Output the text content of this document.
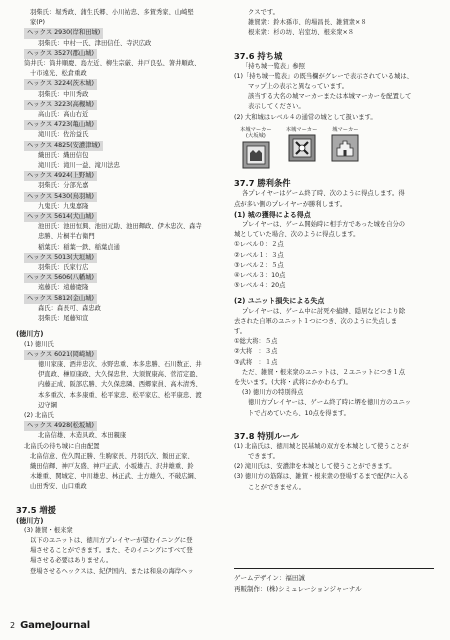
羽柴氏：堀秀政、蒲生氏郷、小川祐忠、多賀秀家、山崎堅
家(P)
ヘックス 2930(岸和田城)
羽柴氏：中村一氏、津田信任、寺沢広政
ヘックス 3527(郡山城)
筒井氏：筒井順慶、島左近、柳生宗厳、井戸良弘、箸井順政、
十市遠光、松倉重政
ヘックス 3224(茨木城)
羽柴氏：中川秀政
ヘックス 3223(高槻城)
高山氏：高山右近
ヘックス 4723(亀山城)
滝川氏：佐治益氏
ヘックス 4825(安濃津城)
織田氏：織田信包
滝川氏：滝川一益、滝川法忠
ヘックス 4924(上野城)
羽柴氏：分部光嘉
ヘックス 5430(鳥羽城)
九鬼氏：九鬼嘉隆
ヘックス 5614(犬山城)
池田氏：池田恒興、池田元助、池田輝政、伊木忠次、森寺
忠勝、片桐半右衛門
稲葉氏：稲葉一鉄、稲葉貞通
ヘックス 5013(大垣城)
羽柴氏：氏家行広
ヘックス 5606(八幡城)
遠藤氏：遠藤慶隆
ヘックス 5812(金山城)
森氏：森長可、森忠政
羽柴氏：尾藤知宣
(徳川方)
(1) 徳川氏
ヘックス 6021(岡崎城)
徳川家康、酒井忠次、水野忠重、本多忠勝、石川数正、井
伊直政、榊原康政、大久保忠世、大須賀康高、菅沼定盈、
内藤正成、阪部広勝、大久保忠隣、西郷家員、高木清秀、
本多重次、本多康重、松平家忠、松平家広、松平康忠、渡
辺守綱
(2) 北畠氏
ヘックス 4928(松坂城)
北畠信雄、木造具政、本田親康
北畠氏の待ち城に自由配置
北畠信意、佐久間正勝、生駒家長、丹羽氏次、飯田正家、
織田信輝、神戸友盛、神戸正武、小坂雄吉、沢井雄重、鈴
木雄重、関城定、中川雄忠、林正武、土方雄久、不破広綱、
山田秀安、山口重政
37.5 増援
(徳川方)
(3) 雑賀・根来衆
以下のユニットは、徳川方プレイヤーが望むイニングに登
場させることができます。また、そのイニングにすべて登
場させる必要はありません。
登場させるヘックスは、紀伊国内、または和泉の海岸ヘッ
クスです。
雑賀衆：鈴木孫市、的場昌長、雑賀衆×８
根来衆：杉の坊、岩室坊、根来衆×８
37.6 持ち城
「持ち城一覧表」参照
(1)「持ち城一覧表」の既当欄がグレーで表示されている城は、
マップ上の表示と異なっています。
該当する大名の城マーカーまたは本城マーカーを配置して
表示してください。
(2) 大和城はレベル４の通常の城として扱います。
本城マーカー
(大坂城)
本城マーカー	城マーカー
37.7 勝利条件
各プレイヤーはゲーム終了時、次のように得点します。得
点が多い側のプレイヤーが勝利します。
(1) 城の獲得による得点
プレイヤーは、ゲーム開始時に相手方であった城を自分の
城としていた場合、次のように得点します。
①レベル０：２点
②レベル１：３点
③レベル２：５点
④レベル３：10点
⑤レベル４：20点
(2) ユニット損失による失点
プレイヤーは、ゲーム中に討死や捕縛、隠居などにより除
去された自軍のユニット１つにつき、次のように失点しま
す。
①総大将：５点
②大将　：３点
③武将　：１点
ただ、雑賀・根来衆のユニットは、２ユニットにつき１点
を失います。(大将・武将にかかわらず)。
(3) 徳川方の特別得点
徳川方プレイヤーは、ゲーム終了時に堺を徳川方のユニッ
トで占めていたら、10点を得ます。
37.8 特別ルール
(1) 北畠氏は、徳川城と民基城の双方を本城として使うことが
できます。
(2) 滝川氏は、安濃津を本城として使うことができます。
(3) 徳川方の筋隊は、雑賀・根来衆の登場するまで配伊に入る
ことができません。
ゲームデザイン：福田誠
再販制作：(株)シミュレーションジャーナル
2 GameJournal
